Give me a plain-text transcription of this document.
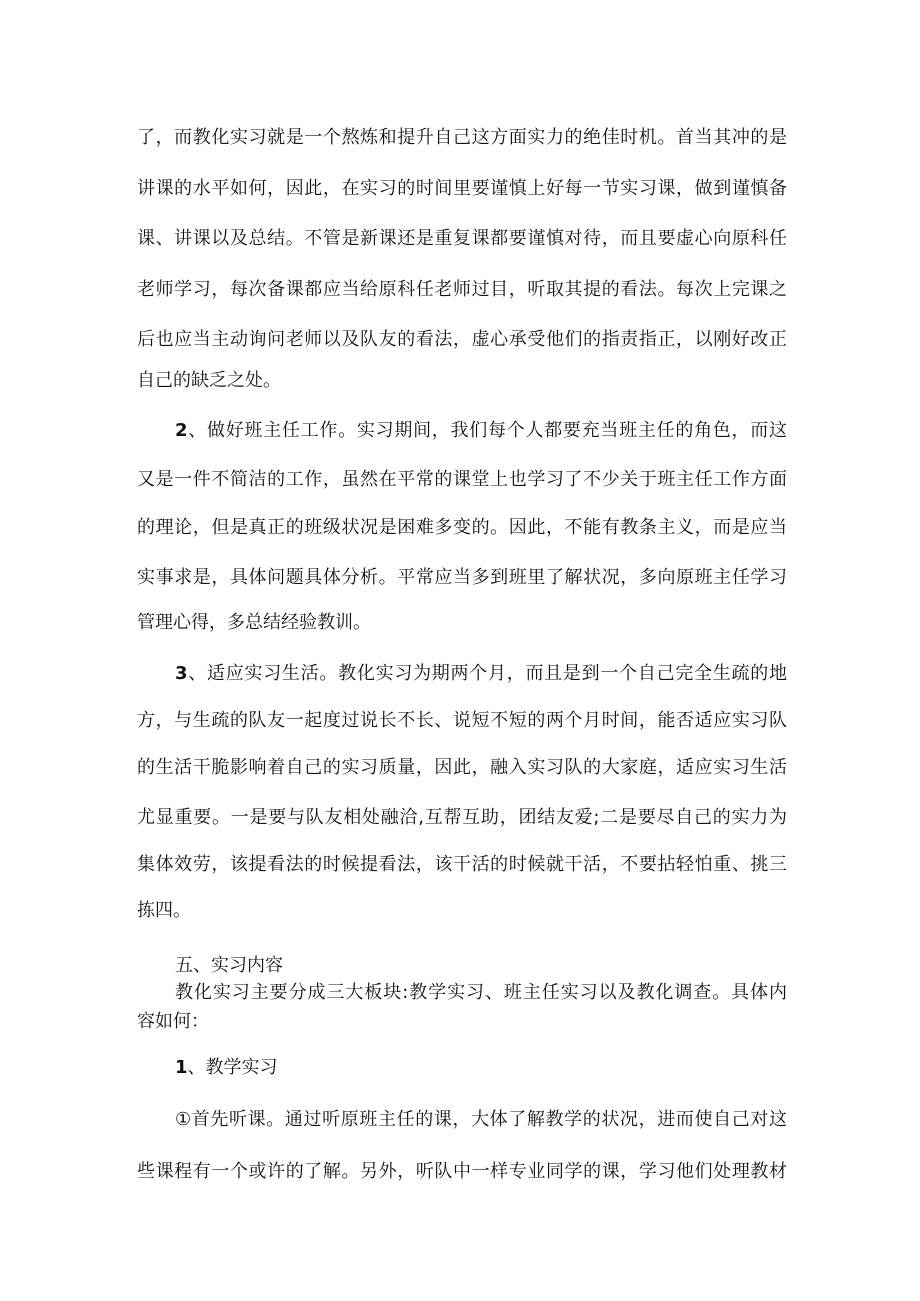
了，而教化实习就是一个熬炼和提升自己这方面实力的绝佳时机。首当其冲的是
讲课的水平如何，因此，在实习的时间里要谨慎上好每一节实习课，做到谨慎备
课、讲课以及总结。不管是新课还是重复课都要谨慎对待，而且要虚心向原科任
老师学习，每次备课都应当给原科任老师过目，听取其提的看法。每次上完课之
后也应当主动询问老师以及队友的看法，虚心承受他们的指责指正，以刚好改正
自己的缺乏之处。
2、做好班主任工作。实习期间，我们每个人都要充当班主任的角色，而这
又是一件不简洁的工作，虽然在平常的课堂上也学习了不少关于班主任工作方面
的理论，但是真正的班级状况是困难多变的。因此，不能有教条主义，而是应当
实事求是，具体问题具体分析。平常应当多到班里了解状况，多向原班主任学习
管理心得，多总结经验教训。
3、适应实习生活。教化实习为期两个月，而且是到一个自己完全生疏的地
方，与生疏的队友一起度过说长不长、说短不短的两个月时间，能否适应实习队
的生活干脆影响着自己的实习质量，因此，融入实习队的大家庭，适应实习生活
尤显重要。一是要与队友相处融洽,互帮互助，团结友爱;二是要尽自己的实力为
集体效劳，该提看法的时候提看法，该干活的时候就干活，不要拈轻怕重、挑三
拣四。
五、实习内容
教化实习主要分成三大板块:教学实习、班主任实习以及教化调查。具体内
容如何：
1、教学实习
①首先听课。通过听原班主任的课，大体了解教学的状况，进而使自己对这
些课程有一个或许的了解。另外，听队中一样专业同学的课，学习他们处理教材
